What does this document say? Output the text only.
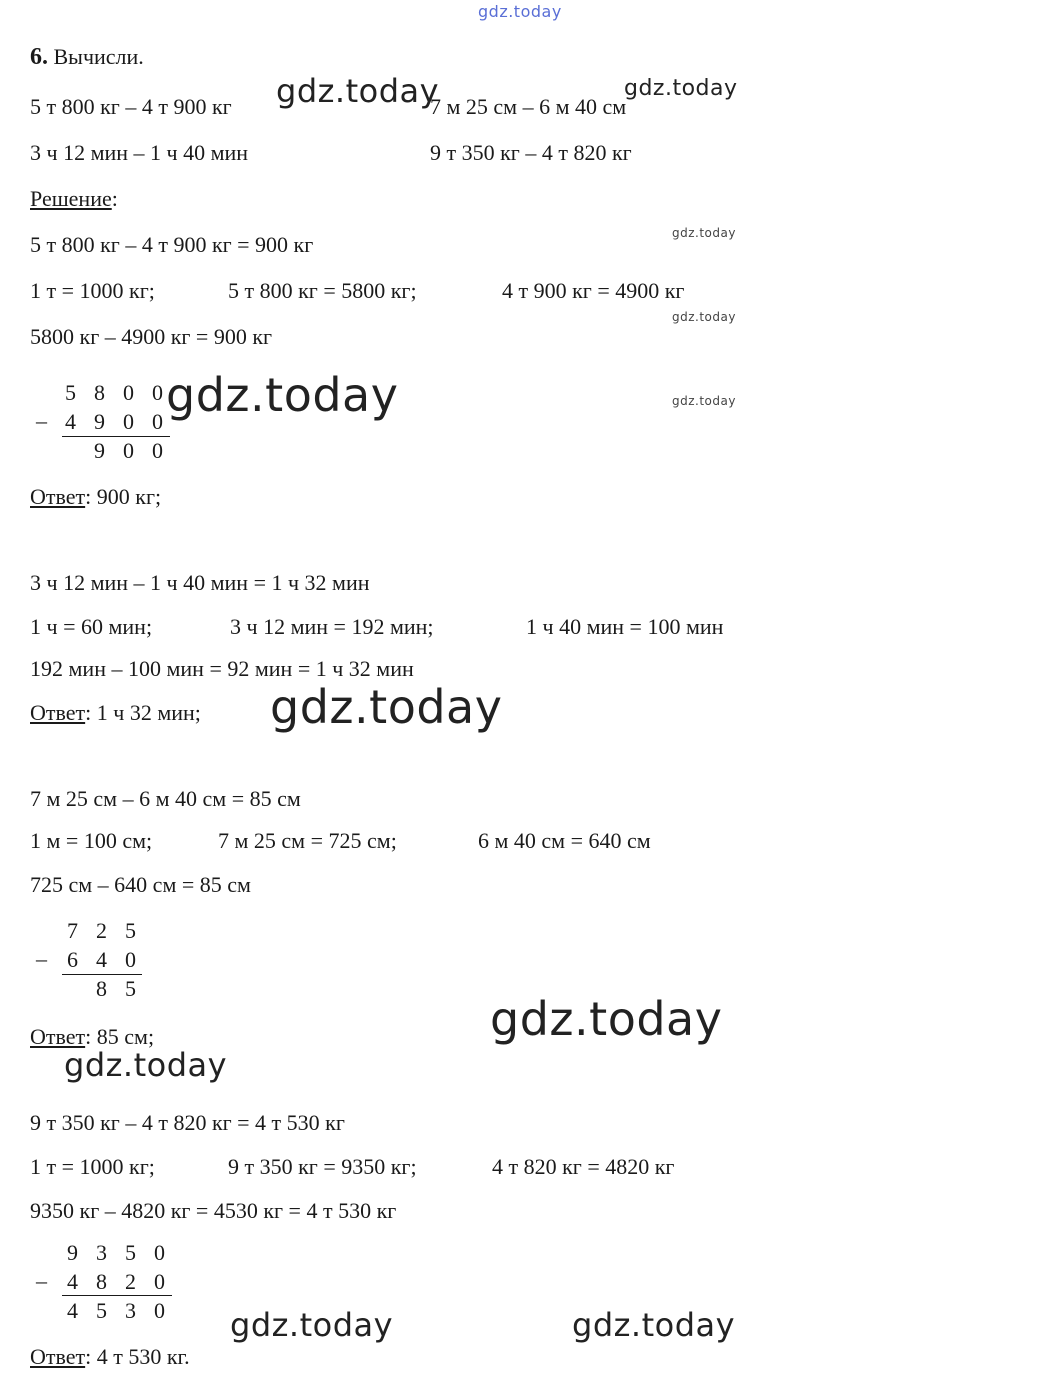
gdz.today
gdz.today	gdz.today
gdz.today
gdz.today
gdz.today
gdz.today
gdz.today
gdz.today
gdz.today
gdz.today	gdz.today
6. Вычисли.
5 т 800 кг – 4 т 900 кг	7 м 25 см – 6 м 40 см
3 ч 12 мин – 1 ч 40 мин	9 т 350 кг – 4 т 820 кг
Решение:
5 т 800 кг – 4 т 900 кг = 900 кг
1 т = 1000 кг;	5 т 800 кг = 5800 кг;	4 т 900 кг = 4900 кг
5800 кг – 4900 кг = 900 кг
–
5 8 0 0
4 9 0 0
9 0 0
Ответ: 900 кг;
3 ч 12 мин – 1 ч 40 мин = 1 ч 32 мин
1 ч = 60 мин;	3 ч 12 мин = 192 мин;	1 ч 40 мин = 100 мин
192 мин – 100 мин = 92 мин = 1 ч 32 мин
Ответ: 1 ч 32 мин;
7 м 25 см – 6 м 40 см = 85 см
1 м = 100 см;	7 м 25 см = 725 см;	6 м 40 см = 640 см
725 см – 640 см = 85 см
–
7 2 5
6 4 0
8 5
Ответ: 85 см;
9 т 350 кг – 4 т 820 кг = 4 т 530 кг
1 т = 1000 кг;	9 т 350 кг = 9350 кг;	4 т 820 кг = 4820 кг
9350 кг – 4820 кг = 4530 кг = 4 т 530 кг
–
9 3 5 0
4 8 2 0
4 5 3 0
Ответ: 4 т 530 кг.
